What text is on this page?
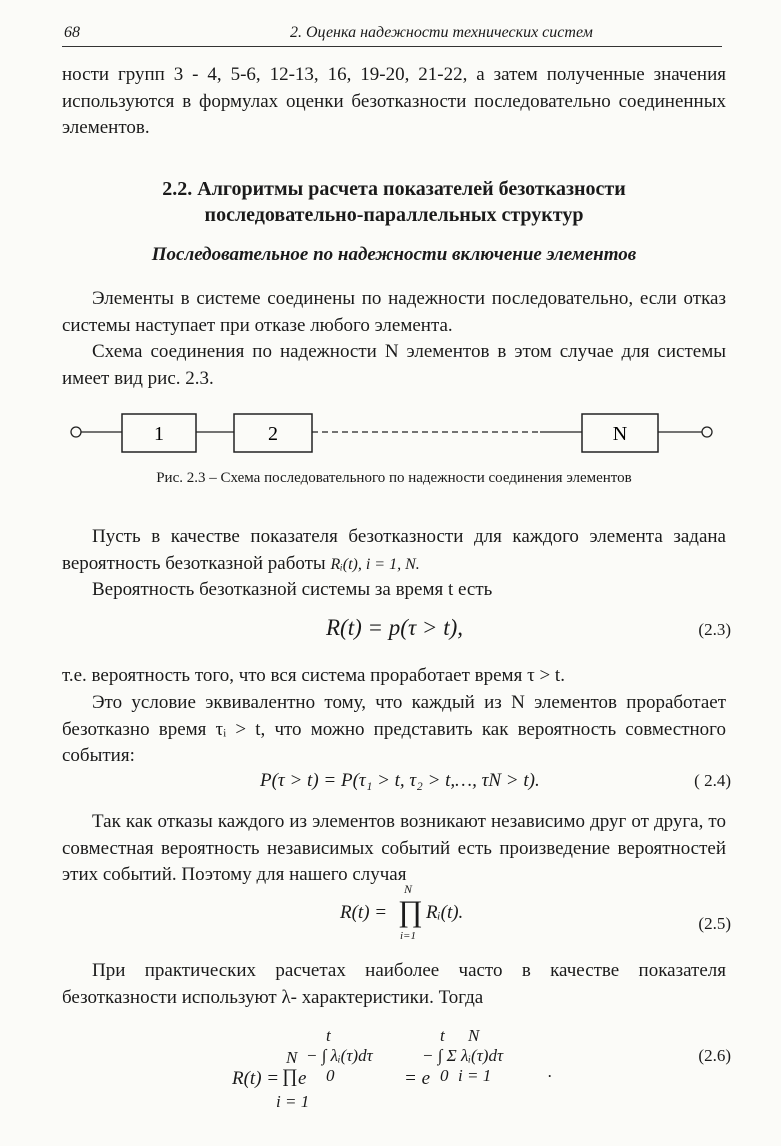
68	2. Оценка надежности технических систем
ности групп 3 - 4, 5-6, 12-13, 16, 19-20, 21-22, а затем полученные значения используются в формулах оценки безотказности последовательно соединенных элементов.
2.2. Алгоритмы расчета показателей безотказности
последовательно-параллельных структур
Последовательное по надежности включение элементов
Элементы в системе соединены по надежности последовательно, если отказ системы наступает при отказе любого элемента.
Схема соединения по надежности N элементов в этом случае для системы имеет вид рис. 2.3.
1	2	N
Рис. 2.3 – Схема последовательного по надежности соединения элементов
Пусть в качестве показателя безотказности для каждого элемента задана вероятность безотказной работы Rᵢ(t), i = 1, N.
Вероятность безотказной системы за время t есть
R(t) = p(τ > t),	(2.3)
т.е. вероятность того, что вся система проработает время τ > t.
Это условие эквивалентно тому, что каждый из N элементов проработает безотказно время τᵢ > t, что можно представить как вероятность совместного события:
P(τ > t) = P(τ₁ > t, τ₂ > t,…, τN > t).	( 2.4)
Так как отказы каждого из элементов возникают независимо друг от друга, то совместная вероятность независимых событий есть произведение вероятностей этих событий. Поэтому для нашего случая
R(t) =
N
∏
i=1
Rᵢ(t).
(2.5)
При практических расчетах наиболее часто в качестве показателя безотказности используют λ- характеристики. Тогда
t
N − ∫ λᵢ(τ)dτ
R(t) = ∏ e 0
i = 1
t N
− ∫ Σ λᵢ(τ)dτ
= e 0 i = 1	.
(2.6)
